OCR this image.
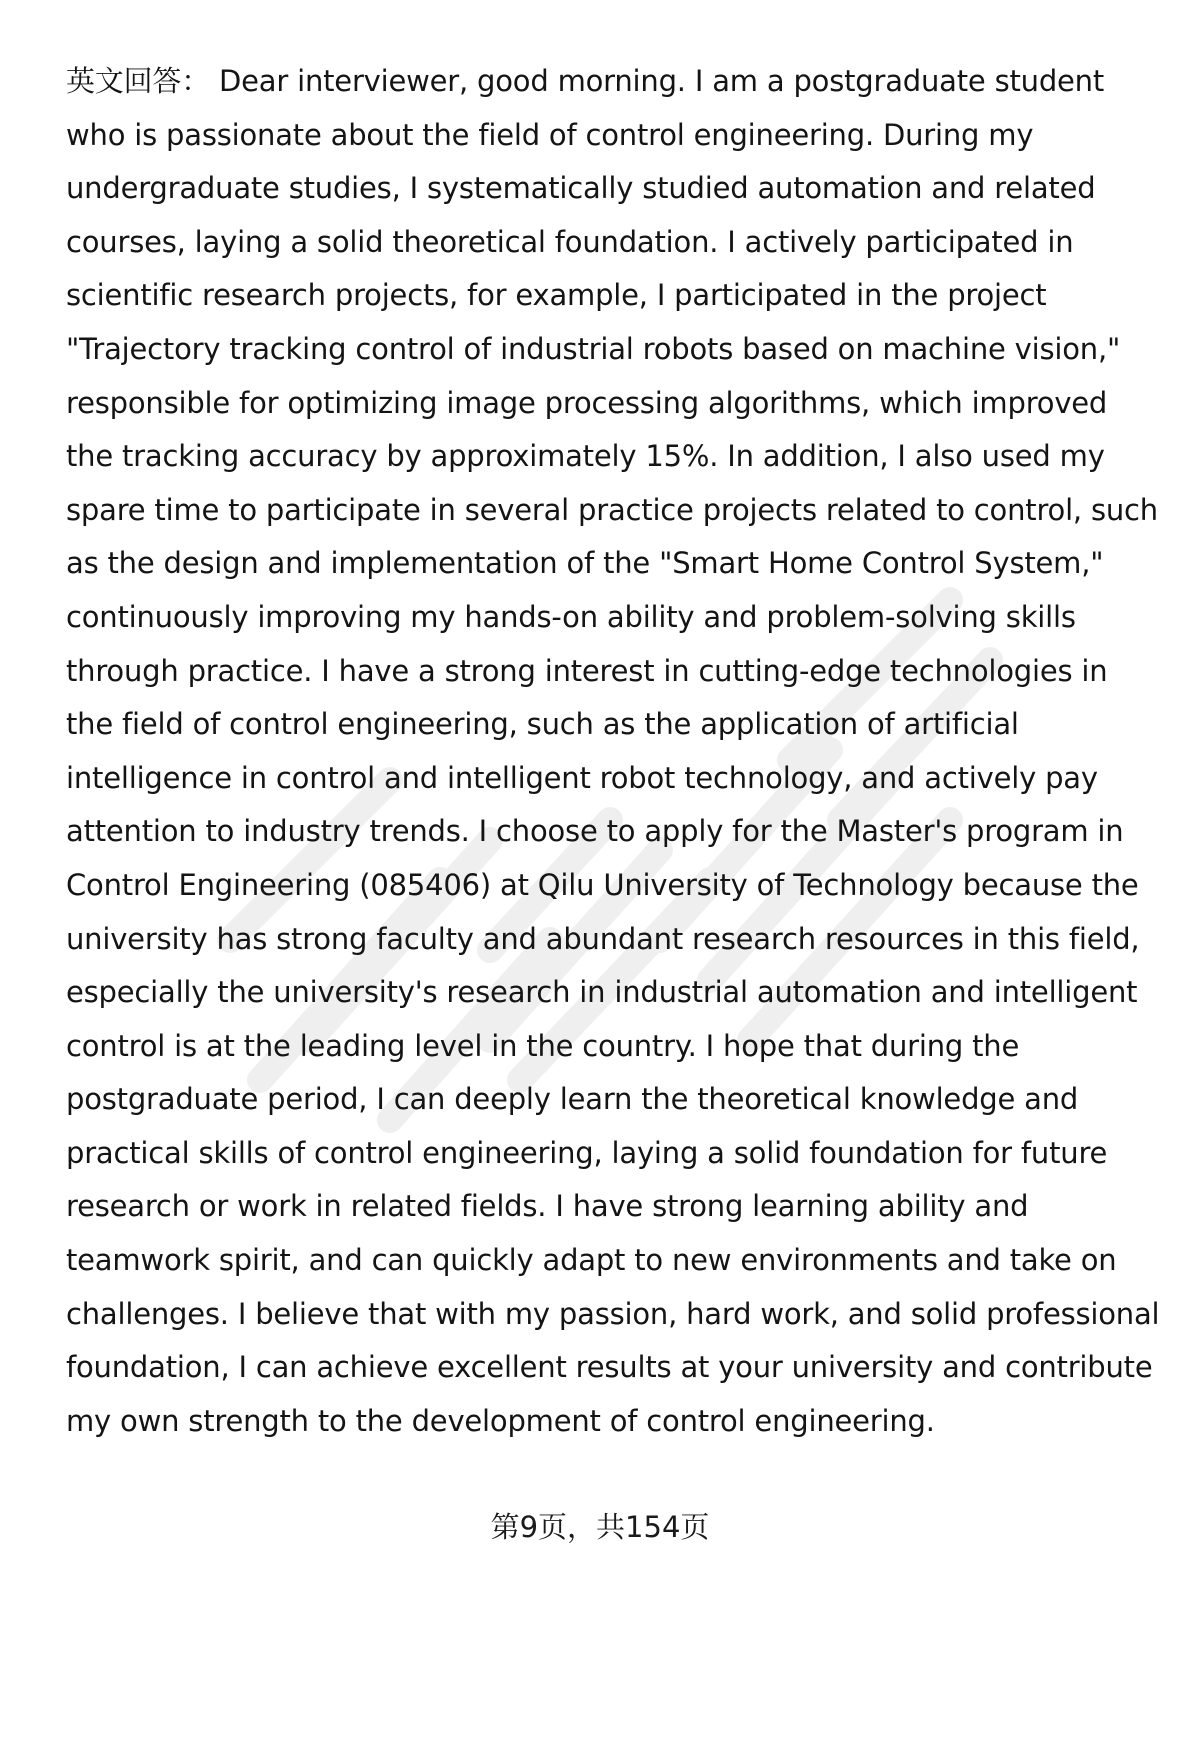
英文回答： Dear interviewer, good morning. I am a postgraduate student
who is passionate about the field of control engineering. During my
undergraduate studies, I systematically studied automation and related
courses, laying a solid theoretical foundation. I actively participated in
scientific research projects, for example, I participated in the project
"Trajectory tracking control of industrial robots based on machine vision,"
responsible for optimizing image processing algorithms, which improved
the tracking accuracy by approximately 15%. In addition, I also used my
spare time to participate in several practice projects related to control, such
as the design and implementation of the "Smart Home Control System,"
continuously improving my hands-on ability and problem-solving skills
through practice. I have a strong interest in cutting-edge technologies in
the field of control engineering, such as the application of artificial
intelligence in control and intelligent robot technology, and actively pay
attention to industry trends. I choose to apply for the Master's program in
Control Engineering (085406) at Qilu University of Technology because the
university has strong faculty and abundant research resources in this field,
especially the university's research in industrial automation and intelligent
control is at the leading level in the country. I hope that during the
postgraduate period, I can deeply learn the theoretical knowledge and
practical skills of control engineering, laying a solid foundation for future
research or work in related fields. I have strong learning ability and
teamwork spirit, and can quickly adapt to new environments and take on
challenges. I believe that with my passion, hard work, and solid professional
foundation, I can achieve excellent results at your university and contribute
my own strength to the development of control engineering.
第9页，共154页
